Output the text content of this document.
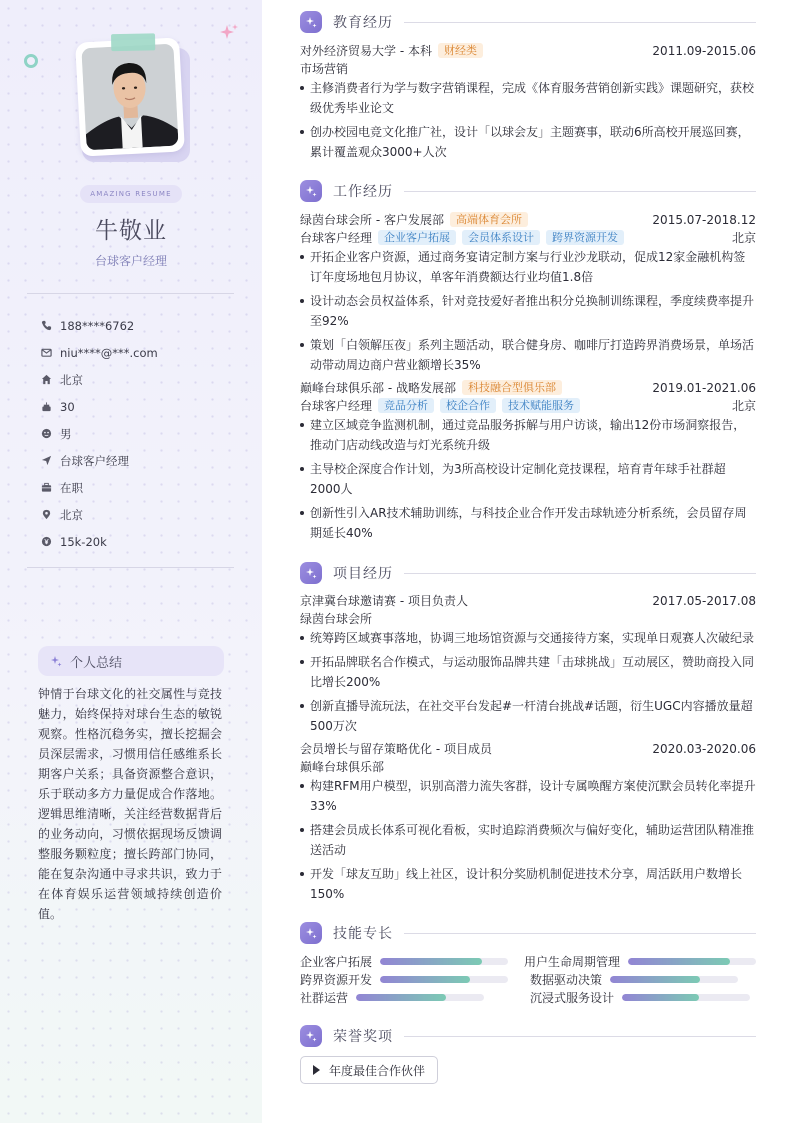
AMAZING RESUME
牛敬业
台球客户经理
188****6762
niu****@***.com
北京
30
男
台球客户经理
在职
北京
15k-20k
个人总结

钟情于台球文化的社交属性与竞技魅力，始终保持对球台生态的敏锐观察。性格沉稳务实，擅长挖掘会员深层需求，习惯用信任感维系长期客户关系；具备资源整合意识，乐于联动多方力量促成合作落地。逻辑思维清晰，关注经营数据背后的业务动向，习惯依据现场反馈调整服务颗粒度；擅长跨部门协同，能在复杂沟通中寻求共识，致力于在体育娱乐运营领域持续创造价值。

教育经历
对外经济贸易大学 - 本科	财经类	2011.09-2015.06
市场营销
主修消费者行为学与数字营销课程，完成《体育服务营销创新实践》课题研究，获校级优秀毕业论文
创办校园电竞文化推广社，设计「以球会友」主题赛事，联动6所高校开展巡回赛，累计覆盖观众3000+人次
工作经历
绿茵台球会所 - 客户发展部	高端体育会所	2015.07-2018.12
台球客户经理	企业客户拓展	会员体系设计	跨界资源开发	北京
开拓企业客户资源，通过商务宴请定制方案与行业沙龙联动，促成12家金融机构签订年度场地包月协议，单客年消费额达行业均值1.8倍
设计动态会员权益体系，针对竞技爱好者推出积分兑换制训练课程，季度续费率提升至92%
策划「白领解压夜」系列主题活动，联合健身房、咖啡厅打造跨界消费场景，单场活动带动周边商户营业额增长35%
巅峰台球俱乐部 - 战略发展部	科技融合型俱乐部	2019.01-2021.06
台球客户经理	竞品分析	校企合作	技术赋能服务	北京
建立区域竞争监测机制，通过竞品服务拆解与用户访谈，输出12份市场洞察报告，推动门店动线改造与灯光系统升级
主导校企深度合作计划，为3所高校设计定制化竞技课程，培育青年球手社群超2000人
创新性引入AR技术辅助训练，与科技企业合作开发击球轨迹分析系统，会员留存周期延长40%
项目经历
京津冀台球邀请赛 - 项目负责人	2017.05-2017.08
绿茵台球会所
统筹跨区域赛事落地，协调三地场馆资源与交通接待方案，实现单日观赛人次破纪录
开拓品牌联名合作模式，与运动服饰品牌共建「击球挑战」互动展区，赞助商投入同比增长200%
创新直播导流玩法，在社交平台发起#一杆清台挑战#话题，衍生UGC内容播放量超500万次
会员增长与留存策略优化 - 项目成员	2020.03-2020.06
巅峰台球俱乐部
构建RFM用户模型，识别高潜力流失客群，设计专属唤醒方案使沉默会员转化率提升33%
搭建会员成长体系可视化看板，实时追踪消费频次与偏好变化，辅助运营团队精准推送活动
开发「球友互助」线上社区，设计积分奖励机制促进技术分享，周活跃用户数增长150%
技能专长
企业客户拓展	用户生命周期管理
跨界资源开发	数据驱动决策
社群运营	沉浸式服务设计
荣誉奖项
年度最佳合作伙伴
